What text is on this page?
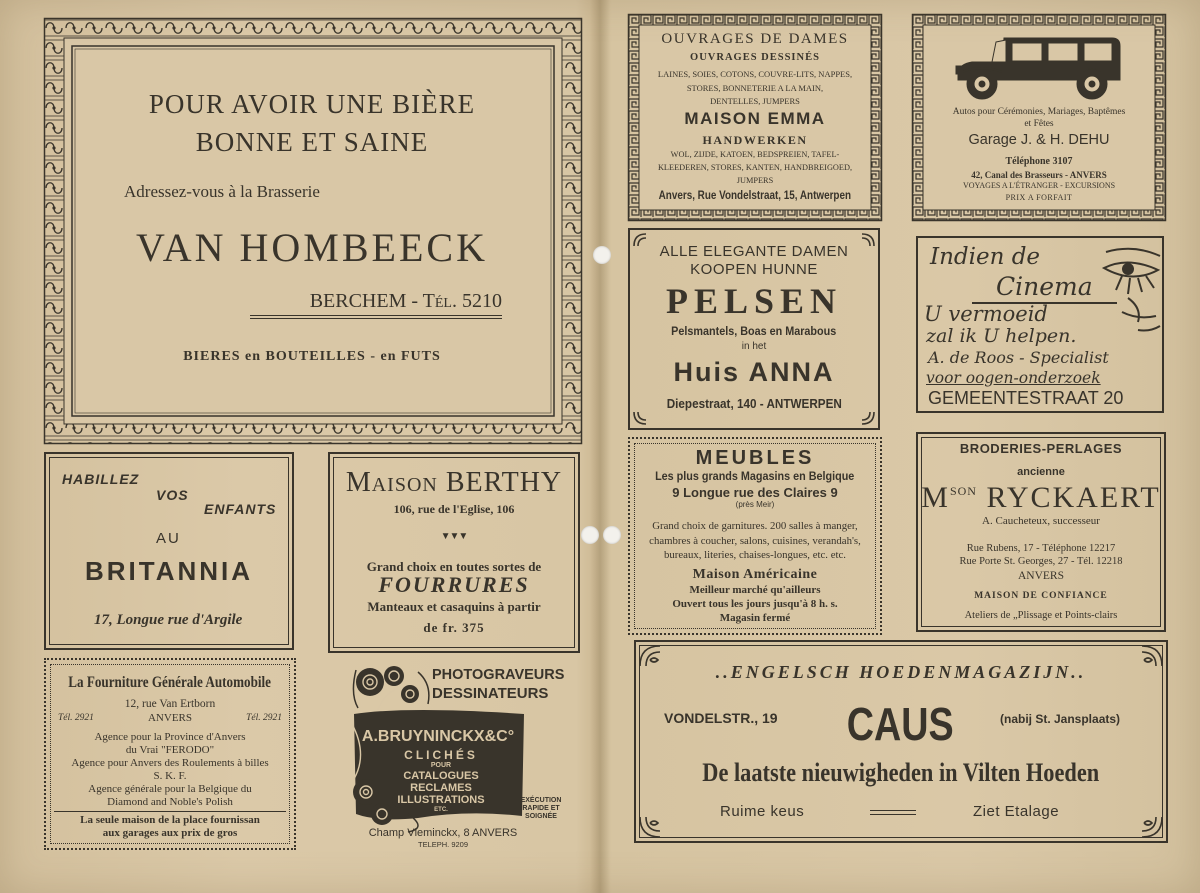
POUR AVOIR UNE BIÈRE
BONNE ET SAINE
Adressez-vous à la Brasserie
VAN HOMBEECK
BERCHEM - Tél. 5210
BIERES en BOUTEILLES - en FUTS
HABILLEZ
VOS
ENFANTS
AU
BRITANNIA
17, Longue rue d'Argile
Maison BERTHY
106, rue de l'Eglise, 106
▼▼▼
Grand choix en toutes sortes de
FOURRURES
Manteaux et casaquins à partir
de fr. 375
La Fourniture Générale Automobile
12, rue Van Ertborn
Tél. 2921	ANVERS	Tél. 2921
Agence pour la Province d'Anvers
du Vrai "FERODO"
Agence pour Anvers des Roulements à billes
S. K. F.
Agence générale pour la Belgique du
Diamond and Noble's Polish
La seule maison de la place fournissan
aux garages aux prix de gros
PHOTOGRAVEURS
DESSINATEURS
A.BRUYNINCKX&C°
CLICHÉS
POUR
CATALOGUES
RECLAMES
ILLUSTRATIONS
ETC.
EXÉCUTION
RAPIDE ET
SOIGNÉE
Champ Vleminckx, 8 ANVERS
TELEPH. 9209
OUVRAGES DE DAMES
OUVRAGES DESSINÉS
LAINES, SOIES, COTONS, COUVRE-LITS, NAPPES,
STORES, BONNETERIE A LA MAIN,
DENTELLES, JUMPERS
MAISON EMMA
HANDWERKEN
WOL, ZIJDE, KATOEN, BEDSPREIEN, TAFEL-
KLEEDEREN, STORES, KANTEN, HANDBREIGOED,
JUMPERS
Anvers, Rue Vondelstraat, 15, Antwerpen
Autos pour Cérémonies, Mariages, Baptêmes
et Fêtes
Garage J. & H. DEHU
Téléphone 3107
42, Canal des Brasseurs - ANVERS
VOYAGES A L'ÉTRANGER - EXCURSIONS
PRIX A FORFAIT
ALLE ELEGANTE DAMEN
KOOPEN HUNNE
PELSEN
Pelsmantels, Boas en Marabous
in het
Huis ANNA
Diepestraat, 140 - ANTWERPEN
Indien de
Cinema
U vermoeid
zal ik U helpen.
A. de Roos - Specialist
voor oogen-onderzoek
GEMEENTESTRAAT 20
MEUBLES
Les plus grands Magasins en Belgique
9 Longue rue des Claires 9
(près Meir)
Grand choix de garnitures. 200 salles à manger,
chambres à coucher, salons, cuisines, verandah's,
bureaux, literies, chaises-longues, etc. etc.
Maison Américaine
Meilleur marché qu'ailleurs
Ouvert tous les jours jusqu'à 8 h. s.
Magasin fermé
BRODERIES-PERLAGES
ancienne
$M^{SON}$ RYCKAERT
A. Caucheteux, successeur
Rue Rubens, 17 - Téléphone 12217
Rue Porte St. Georges, 27 - Tél. 12218
ANVERS
MAISON DE CONFIANCE
Ateliers de „Plissage et Points-clairs
..ENGELSCH HOEDENMAGAZIJN..
VONDELSTR., 19	CAUS	(nabij St. Jansplaats)
De laatste nieuwigheden in Vilten Hoeden
Ruime keus	Ziet Etalage
